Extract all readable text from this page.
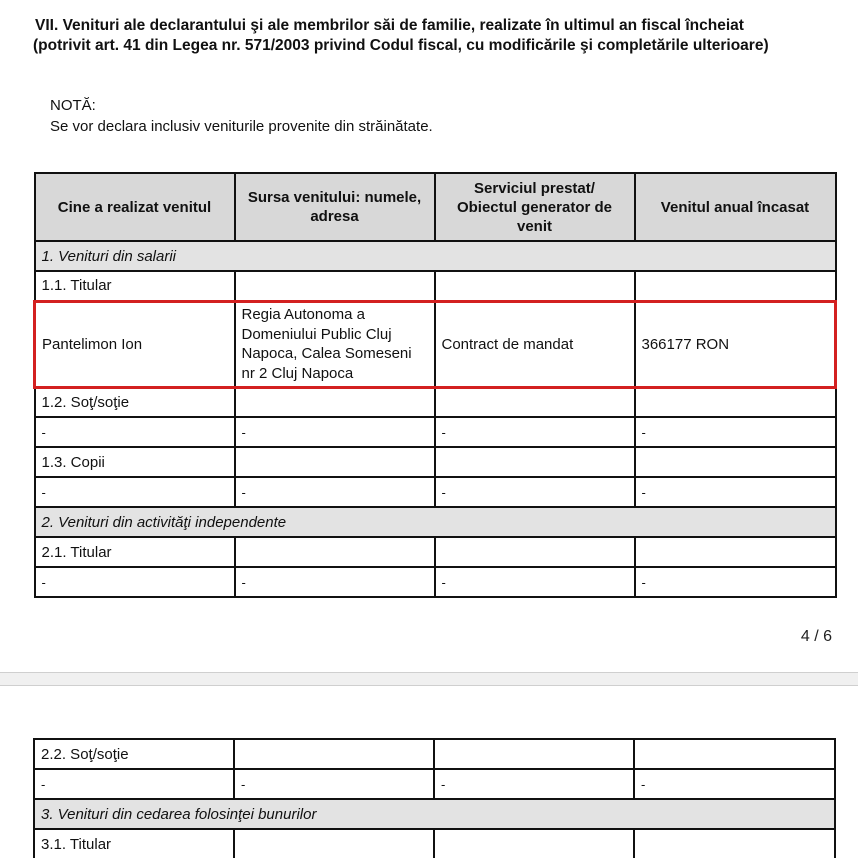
VII. Venituri ale declarantului şi ale membrilor săi de familie, realizate în ultimul an fiscal încheiat
(potrivit art. 41 din Legea nr. 571/2003 privind Codul fiscal, cu modificările şi completările ulterioare)
NOTĂ:
Se vor declara inclusiv veniturile provenite din străinătate.
Cine a realizat venitul	Sursa venitului: numele, adresa	Serviciul prestat/ Obiectul generator de venit	Venitul anual încasat
1. Venituri din salarii			
1.1. Titular			
Pantelimon Ion	Regia Autonoma a Domeniului Public Cluj Napoca, Calea Someseni nr 2 Cluj Napoca	Contract de mandat	366177 RON
1.2. Soţ/soţie			
-	-	-	-
1.3. Copii			
-	-	-	-
2. Venituri din activităţi independente			
2.1. Titular			
-	-	-	-
4 / 6
2.2. Soţ/soţie			
-	-	-	-
3. Venituri din cedarea folosinţei bunurilor			
3.1. Titular			
